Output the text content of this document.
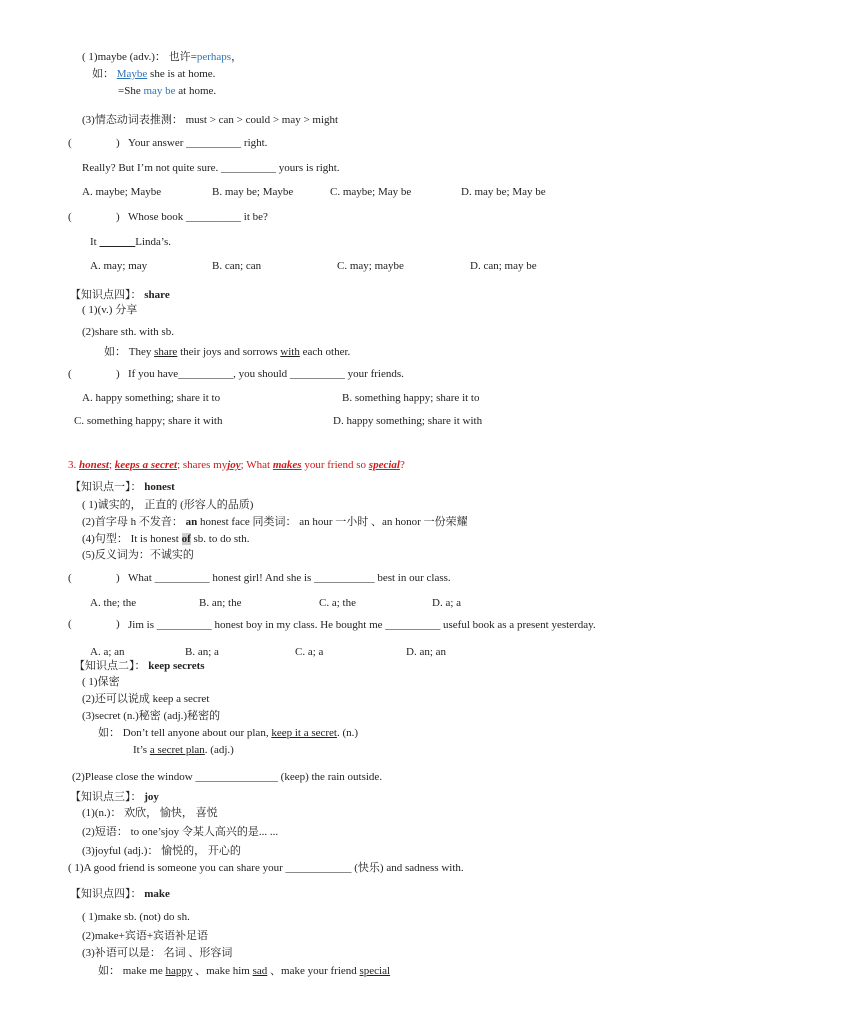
( 1)maybe (adv.)： 也许=perhaps，
如： Maybe she is at home.
=She may be at home.
(3)情态动词表推测： must > can > could > may > might
(	) Your answer __________ right.
Really? But I’m not quite sure. __________ yours is right.
A. maybe; Maybe	B. may be; Maybe	C. maybe; May be	D. may be; May be
(	) Whose book __________ it be?
It	Linda’s.
A. may; may	B. can; can	C. may; maybe	D. can; may be
【知识点四】： share
( 1)(v.) 分享
(2)share sth. with sb.
如： They share their joys and sorrows with each other.
(	) If you have__________, you should __________ your friends.
A. happy something; share it to	B. something happy; share it to
C. something happy; share it with	D. happy something; share it with
3. honest; keeps a secret; shares myjoy; What makes your friend so special?
【知识点一】： honest
( 1)诚实的， 正直的 (形容人的品质)
(2)首字母 h 不发音： an honest face 同类词： an hour 一小时 、an honor 一份荣耀
(4)句型： It is honest of sb. to do sth.
(5)反义词为：不诚实的
(	) What __________ honest girl! And she is ___________ best in our class.
A. the; the	B. an; the	C. a; the	D. a; a
(	) Jim is __________ honest boy in my class. He bought me __________ useful book as a present yesterday.
A. a; an	B. an; a	C. a; a	D. an; an
【知识点二】： keep secrets
( 1)保密
(2)还可以说成 keep a secret
(3)secret (n.)秘密 (adj.)秘密的
如： Don’t tell anyone about our plan, keep it a secret. (n.)
It’s a secret plan. (adj.)
(2)Please close the window _______________ (keep) the rain outside.
【知识点三】： joy
(1)(n.)： 欢欣， 愉快， 喜悦
(2)短语： to one’sjoy 令某人高兴的是... ...
(3)joyful (adj.)： 愉悦的， 开心的
( 1)A good friend is someone you can share your ____________ (快乐) and sadness with.
【知识点四】： make
( 1)make sb. (not) do sh.
(2)make+宾语+宾语补足语
(3)补语可以是： 名词 、形容词
如： make me happy 、make him sad 、make your friend special
